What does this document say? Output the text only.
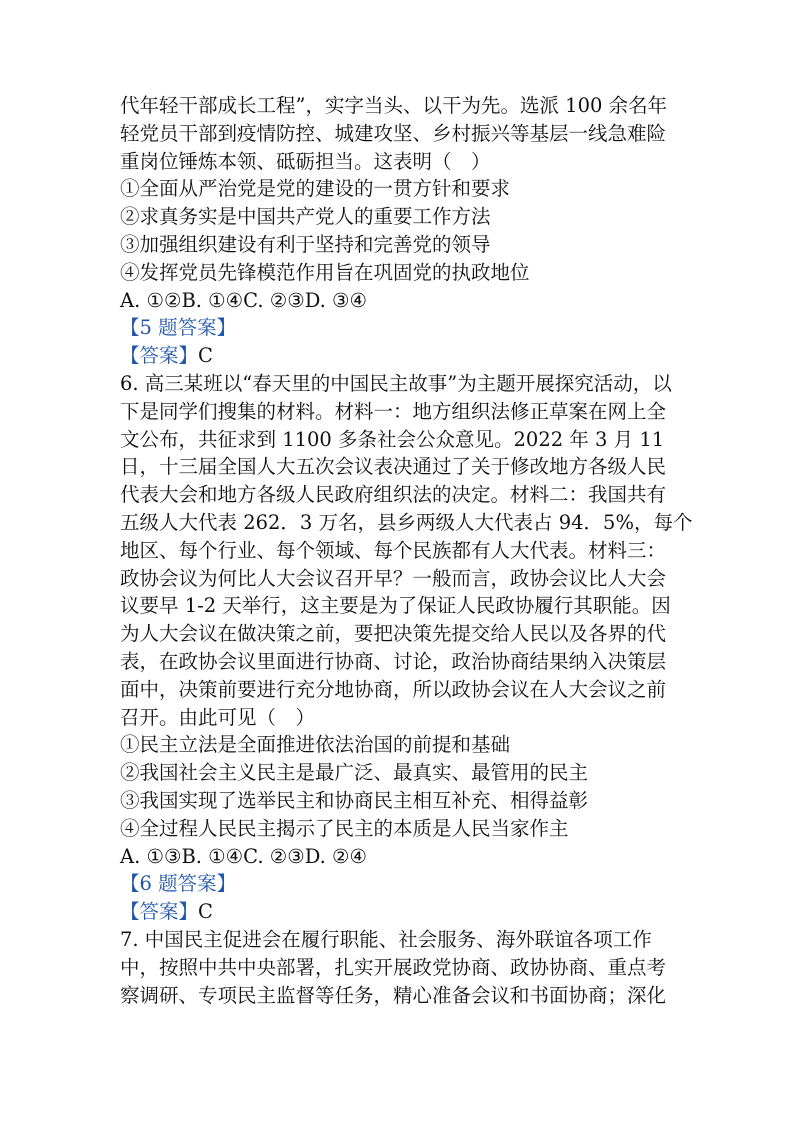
代年轻干部成长工程”，实字当头、以干为先。选派 100 余名年
轻党员干部到疫情防控、城建攻坚、乡村振兴等基层一线急难险
重岗位锤炼本领、砥砺担当。这表明（　）
①全面从严治党是党的建设的一贯方针和要求
②求真务实是中国共产党人的重要工作方法
③加强组织建设有利于坚持和完善党的领导
④发挥党员先锋模范作用旨在巩固党的执政地位
A. ①②B. ①④C. ②③D. ③④
【5 题答案】
【答案】C
6. 高三某班以“春天里的中国民主故事”为主题开展探究活动，以
下是同学们搜集的材料。材料一：地方组织法修正草案在网上全
文公布，共征求到 1100 多条社会公众意见。2022 年 3 月 11
日，十三届全国人大五次会议表决通过了关于修改地方各级人民
代表大会和地方各级人民政府组织法的决定。材料二：我国共有
五级人大代表 262．3 万名，县乡两级人大代表占 94．5%，每个
地区、每个行业、每个领域、每个民族都有人大代表。材料三：
政协会议为何比人大会议召开早？一般而言，政协会议比人大会
议要早 1-2 天举行，这主要是为了保证人民政协履行其职能。因
为人大会议在做决策之前，要把决策先提交给人民以及各界的代
表，在政协会议里面进行协商、讨论，政治协商结果纳入决策层
面中，决策前要进行充分地协商，所以政协会议在人大会议之前
召开。由此可见（　）
①民主立法是全面推进依法治国的前提和基础
②我国社会主义民主是最广泛、最真实、最管用的民主
③我国实现了选举民主和协商民主相互补充、相得益彰
④全过程人民民主揭示了民主的本质是人民当家作主
A. ①③B. ①④C. ②③D. ②④
【6 题答案】
【答案】C
7. 中国民主促进会在履行职能、社会服务、海外联谊各项工作
中，按照中共中央部署，扎实开展政党协商、政协协商、重点考
察调研、专项民主监督等任务，精心准备会议和书面协商；深化
